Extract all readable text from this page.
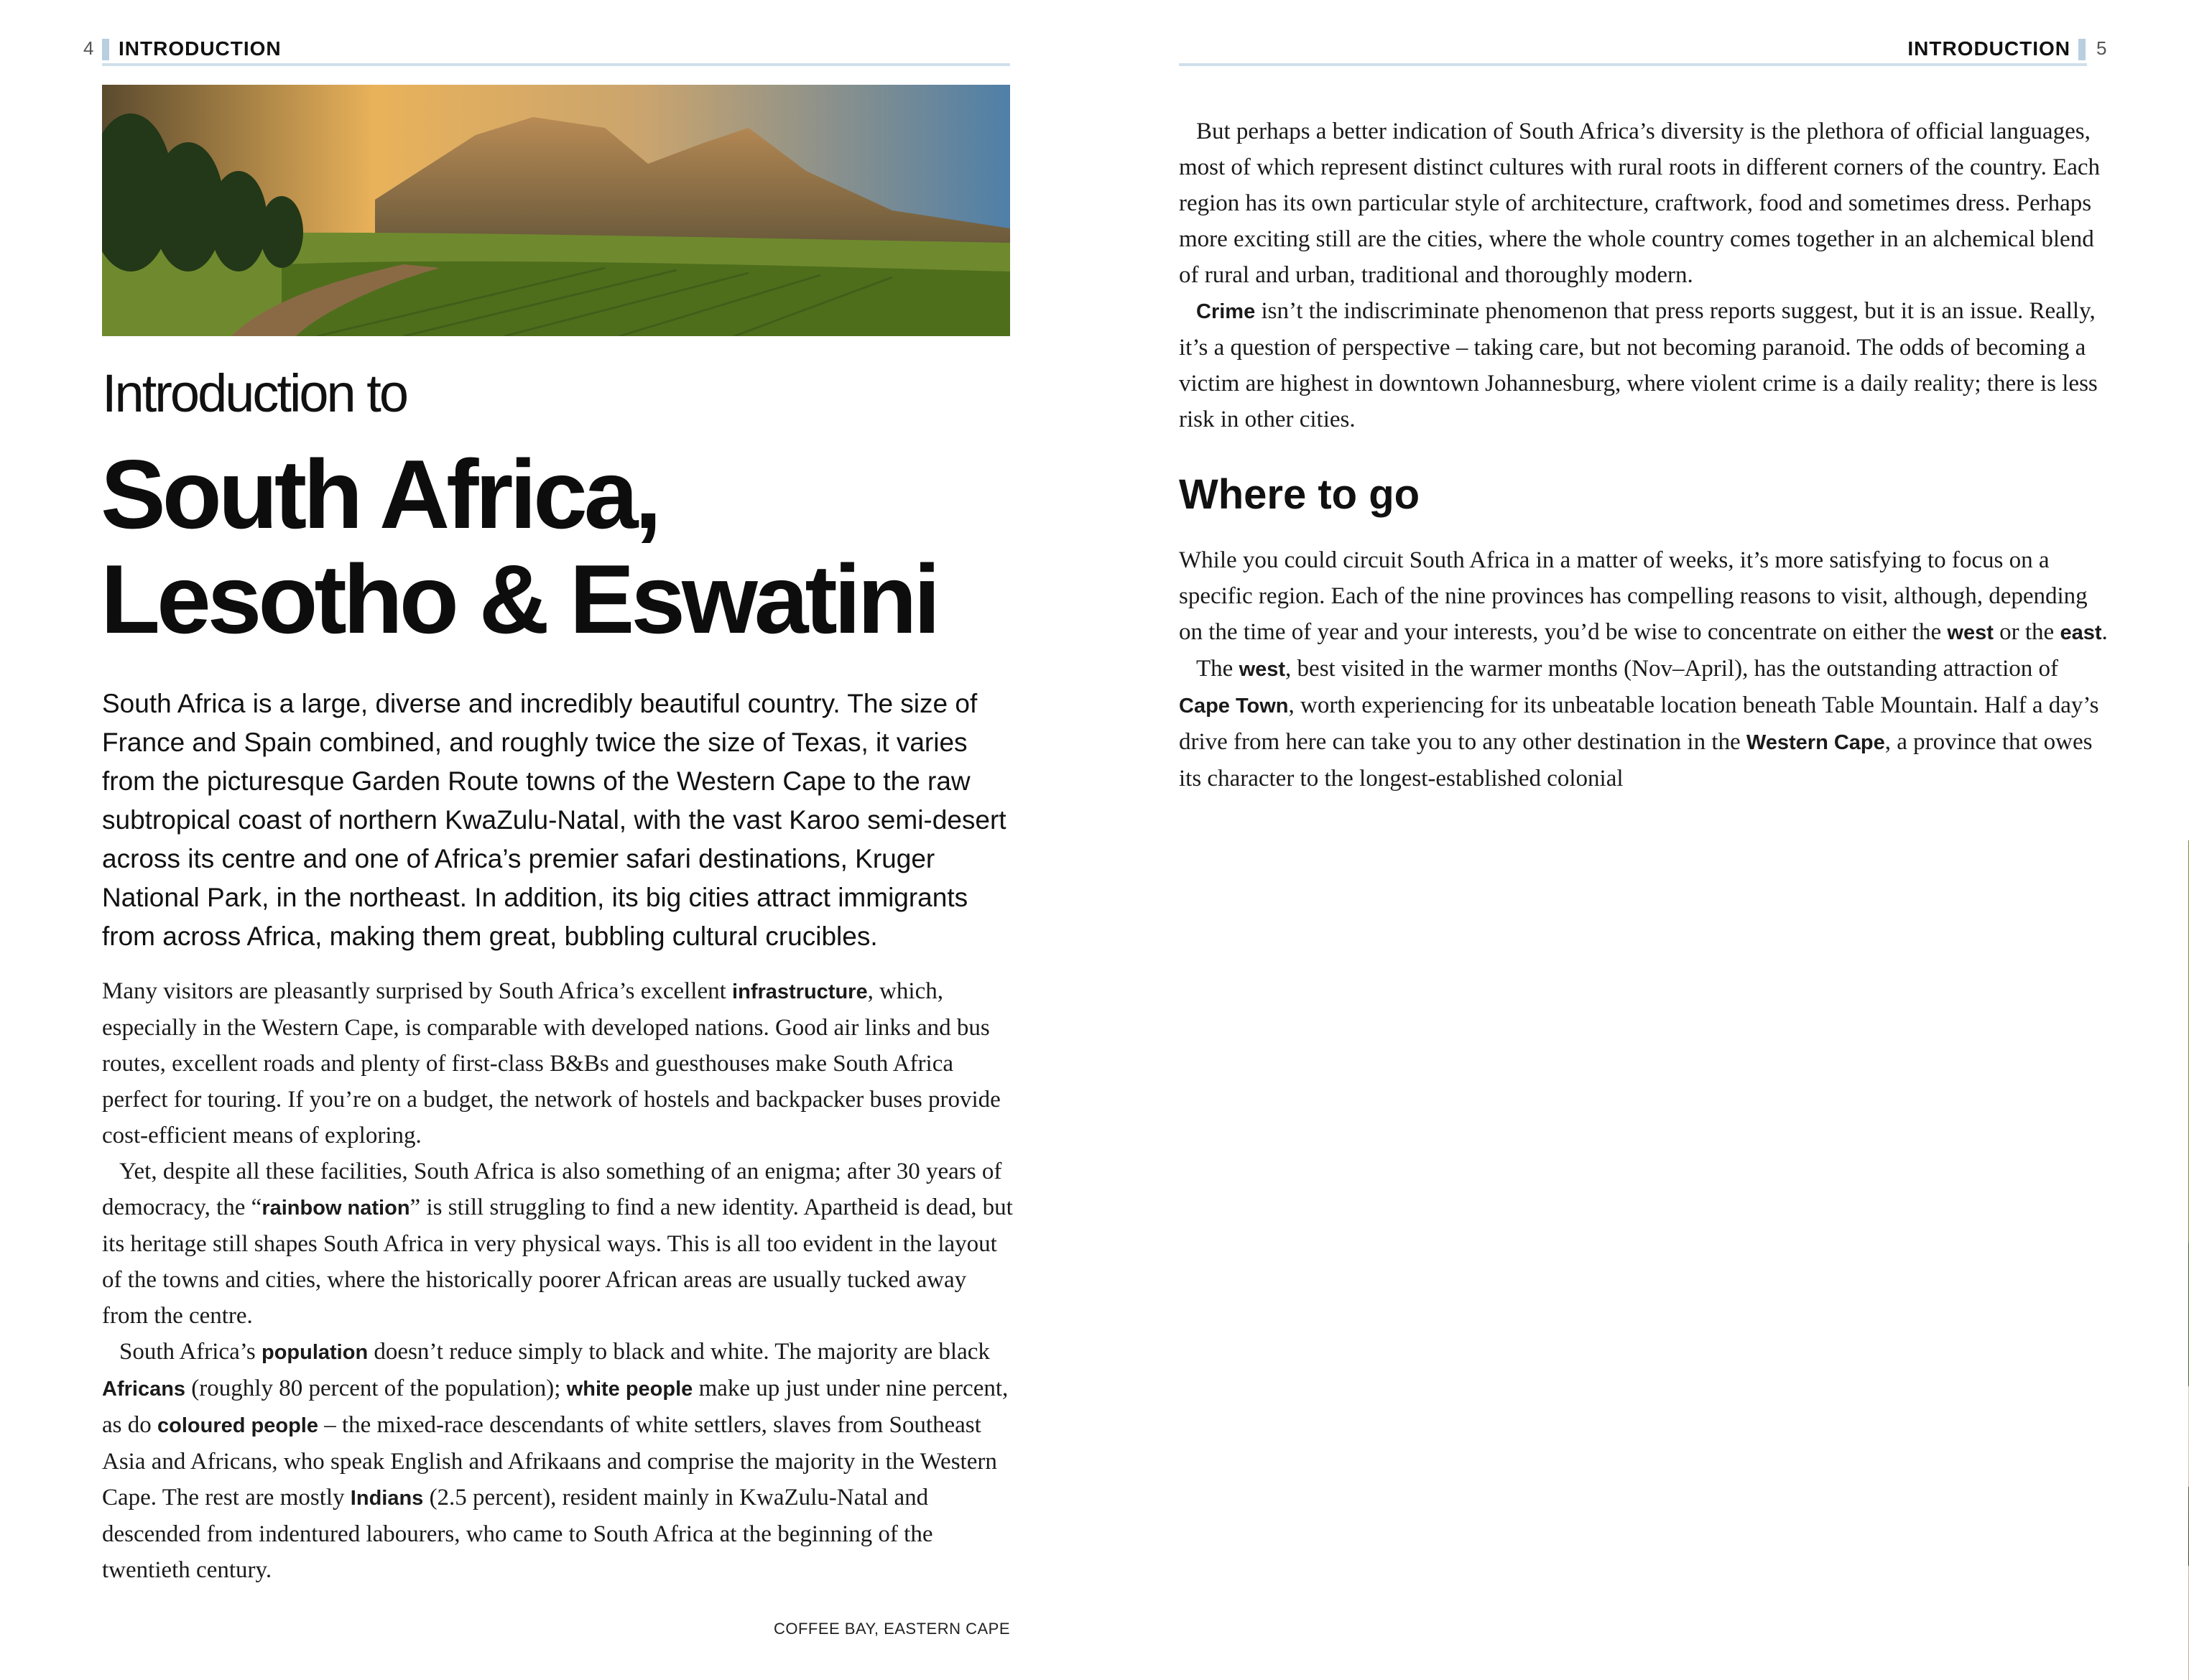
4 INTRODUCTION
Introduction to
South Africa,
Lesotho & Eswatini
South Africa is a large, diverse and incredibly beautiful country. The size of France and Spain combined, and roughly twice the size of Texas, it varies from the picturesque Garden Route towns of the Western Cape to the raw subtropical coast of northern KwaZulu-Natal, with the vast Karoo semi-desert across its centre and one of Africa’s premier safari destinations, Kruger National Park, in the northeast. In addition, its big cities attract immigrants from across Africa, making them great, bubbling cultural crucibles.

Many visitors are pleasantly surprised by South Africa’s excellent infrastructure, which, especially in the Western Cape, is comparable with developed nations. Good air links and bus routes, excellent roads and plenty of first-class B&Bs and guesthouses make South Africa perfect for touring. If you’re on a budget, the network of hostels and backpacker buses provide cost-efficient means of exploring.

Yet, despite all these facilities, South Africa is also something of an enigma; after 30 years of democracy, the “rainbow nation” is still struggling to find a new identity. Apartheid is dead, but its heritage still shapes South Africa in very physical ways. This is all too evident in the layout of the towns and cities, where the historically poorer African areas are usually tucked away from the centre.

South Africa’s population doesn’t reduce simply to black and white. The majority are black Africans (roughly 80 percent of the population); white people make up just under nine percent, as do coloured people – the mixed-race descendants of white settlers, slaves from Southeast Asia and Africans, who speak English and Afrikaans and comprise the majority in the Western Cape. The rest are mostly Indians (2.5 percent), resident mainly in KwaZulu-Natal and descended from indentured labourers, who came to South Africa at the beginning of the twentieth century.

COFFEE BAY, EASTERN CAPE
INTRODUCTION 5

But perhaps a better indication of South Africa’s diversity is the plethora of official languages, most of which represent distinct cultures with rural roots in different corners of the country. Each region has its own particular style of architecture, craftwork, food and sometimes dress. Perhaps more exciting still are the cities, where the whole country comes together in an alchemical blend of rural and urban, traditional and thoroughly modern.

Crime isn’t the indiscriminate phenomenon that press reports suggest, but it is an issue. Really, it’s a question of perspective – taking care, but not becoming paranoid. The odds of becoming a victim are highest in downtown Johannesburg, where violent crime is a daily reality; there is less risk in other cities.

Where to go

While you could circuit South Africa in a matter of weeks, it’s more satisfying to focus on a specific region. Each of the nine provinces has compelling reasons to visit, although, depending on the time of year and your interests, you’d be wise to concentrate on either the west or the east.

The west, best visited in the warmer months (Nov–April), has the outstanding attraction of Cape Town, worth experiencing for its unbeatable location beneath Table Mountain. Half a day’s drive from here can take you to any other destination in the Western Cape, a province that owes its character to the longest-established colonial
